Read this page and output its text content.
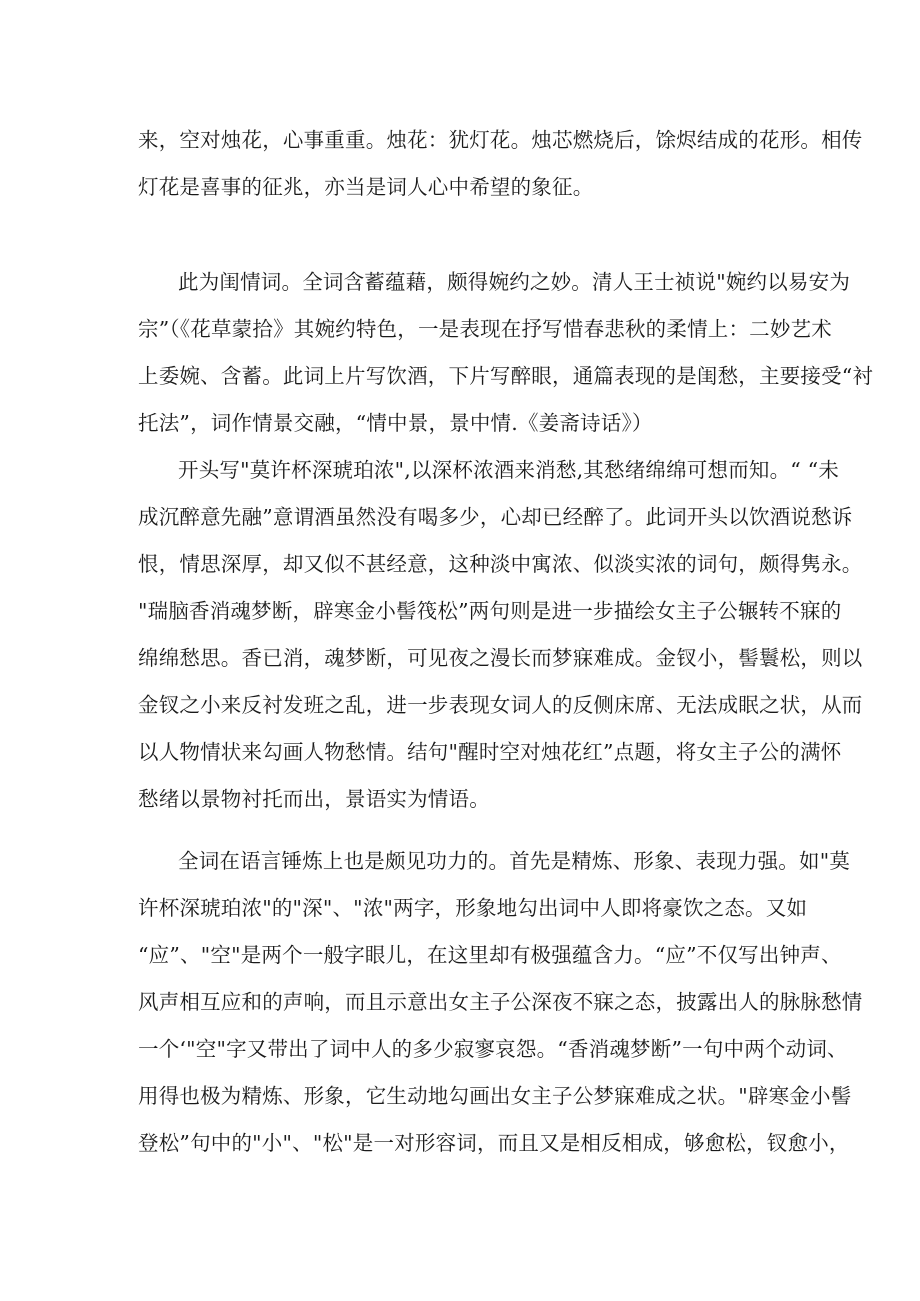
来，空对烛花，心事重重。烛花：犹灯花。烛芯燃烧后，馀烬结成的花形。相传
灯花是喜事的征兆，亦当是词人心中希望的象征。
此为闺情词。全词含蓄蕴藉，颇得婉约之妙。清人王士祯说"婉约以易安为
宗”（《花草蒙拾》其婉约特色，一是表现在抒写惜春悲秋的柔情上：二妙艺术
上委婉、含蓄。此词上片写饮酒，下片写醉眼，通篇表现的是闺愁，主要接受“衬
托法”，词作情景交融，“情中景，景中情.《姜斋诗话》）
开头写"莫许杯深琥珀浓",以深杯浓酒来消愁,其愁绪绵绵可想而知。“ “未
成沉醉意先融”意谓酒虽然没有喝多少，心却已经醉了。此词开头以饮酒说愁诉
恨，情思深厚，却又似不甚经意，这种淡中寓浓、似淡实浓的词句，颇得隽永。
"瑞脑香消魂梦断，辟寒金小髻筏松”两句则是进一步描绘女主子公辗转不寐的
绵绵愁思。香已消，魂梦断，可见夜之漫长而梦寐难成。金钗小，髻鬟松，则以
金钗之小来反衬发班之乱，进一步表现女词人的反侧床席、无法成眠之状，从而
以人物情状来勾画人物愁情。结句"醒时空对烛花红”点题，将女主子公的满怀
愁绪以景物衬托而出，景语实为情语。
全词在语言锤炼上也是颇见功力的。首先是精炼、形象、表现力强。如"莫
许杯深琥珀浓"的"深"、"浓"两字，形象地勾出词中人即将豪饮之态。又如
“应”、"空"是两个一般字眼儿，在这里却有极强蕴含力。“应”不仅写出钟声、
风声相互应和的声响，而且示意出女主子公深夜不寐之态，披露出人的脉脉愁情
一个‘"空"字又带出了词中人的多少寂寥哀怨。“香消魂梦断”一句中两个动词、
用得也极为精炼、形象，它生动地勾画出女主子公梦寐难成之状。"辟寒金小髻
登松”句中的"小"、"松"是一对形容词，而且又是相反相成，够愈松，钗愈小，
